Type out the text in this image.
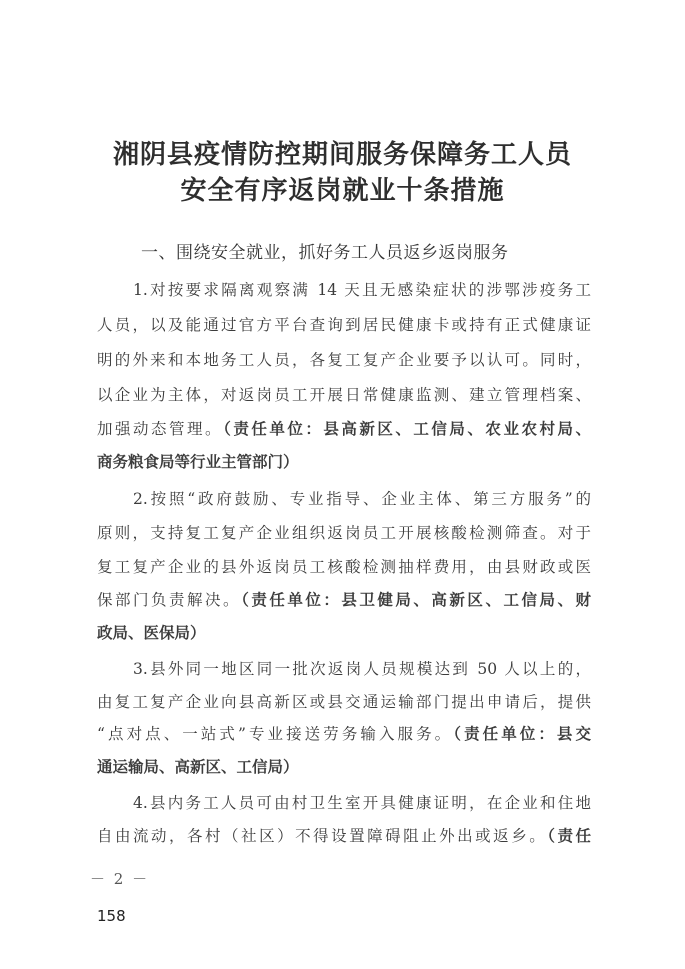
湘阴县疫情防控期间服务保障务工人员
安全有序返岗就业十条措施
一、围绕安全就业，抓好务工人员返乡返岗服务
1.对按要求隔离观察满 14 天且无感染症状的涉鄂涉疫务工
人员，以及能通过官方平台查询到居民健康卡或持有正式健康证
明的外来和本地务工人员，各复工复产企业要予以认可。同时，
以企业为主体，对返岗员工开展日常健康监测、建立管理档案、
加强动态管理。（责任单位：县高新区、工信局、农业农村局、
商务粮食局等行业主管部门）
2.按照“政府鼓励、专业指导、企业主体、第三方服务”的
原则，支持复工复产企业组织返岗员工开展核酸检测筛查。对于
复工复产企业的县外返岗员工核酸检测抽样费用，由县财政或医
保部门负责解决。（责任单位：县卫健局、高新区、工信局、财
政局、医保局）
3.县外同一地区同一批次返岗人员规模达到 50 人以上的，
由复工复产企业向县高新区或县交通运输部门提出申请后，提供
“点对点、一站式”专业接送劳务输入服务。（责任单位：县交
通运输局、高新区、工信局）
4.县内务工人员可由村卫生室开具健康证明，在企业和住地
自由流动，各村（社区）不得设置障碍阻止外出或返乡。（责任
－ 2 －
158
